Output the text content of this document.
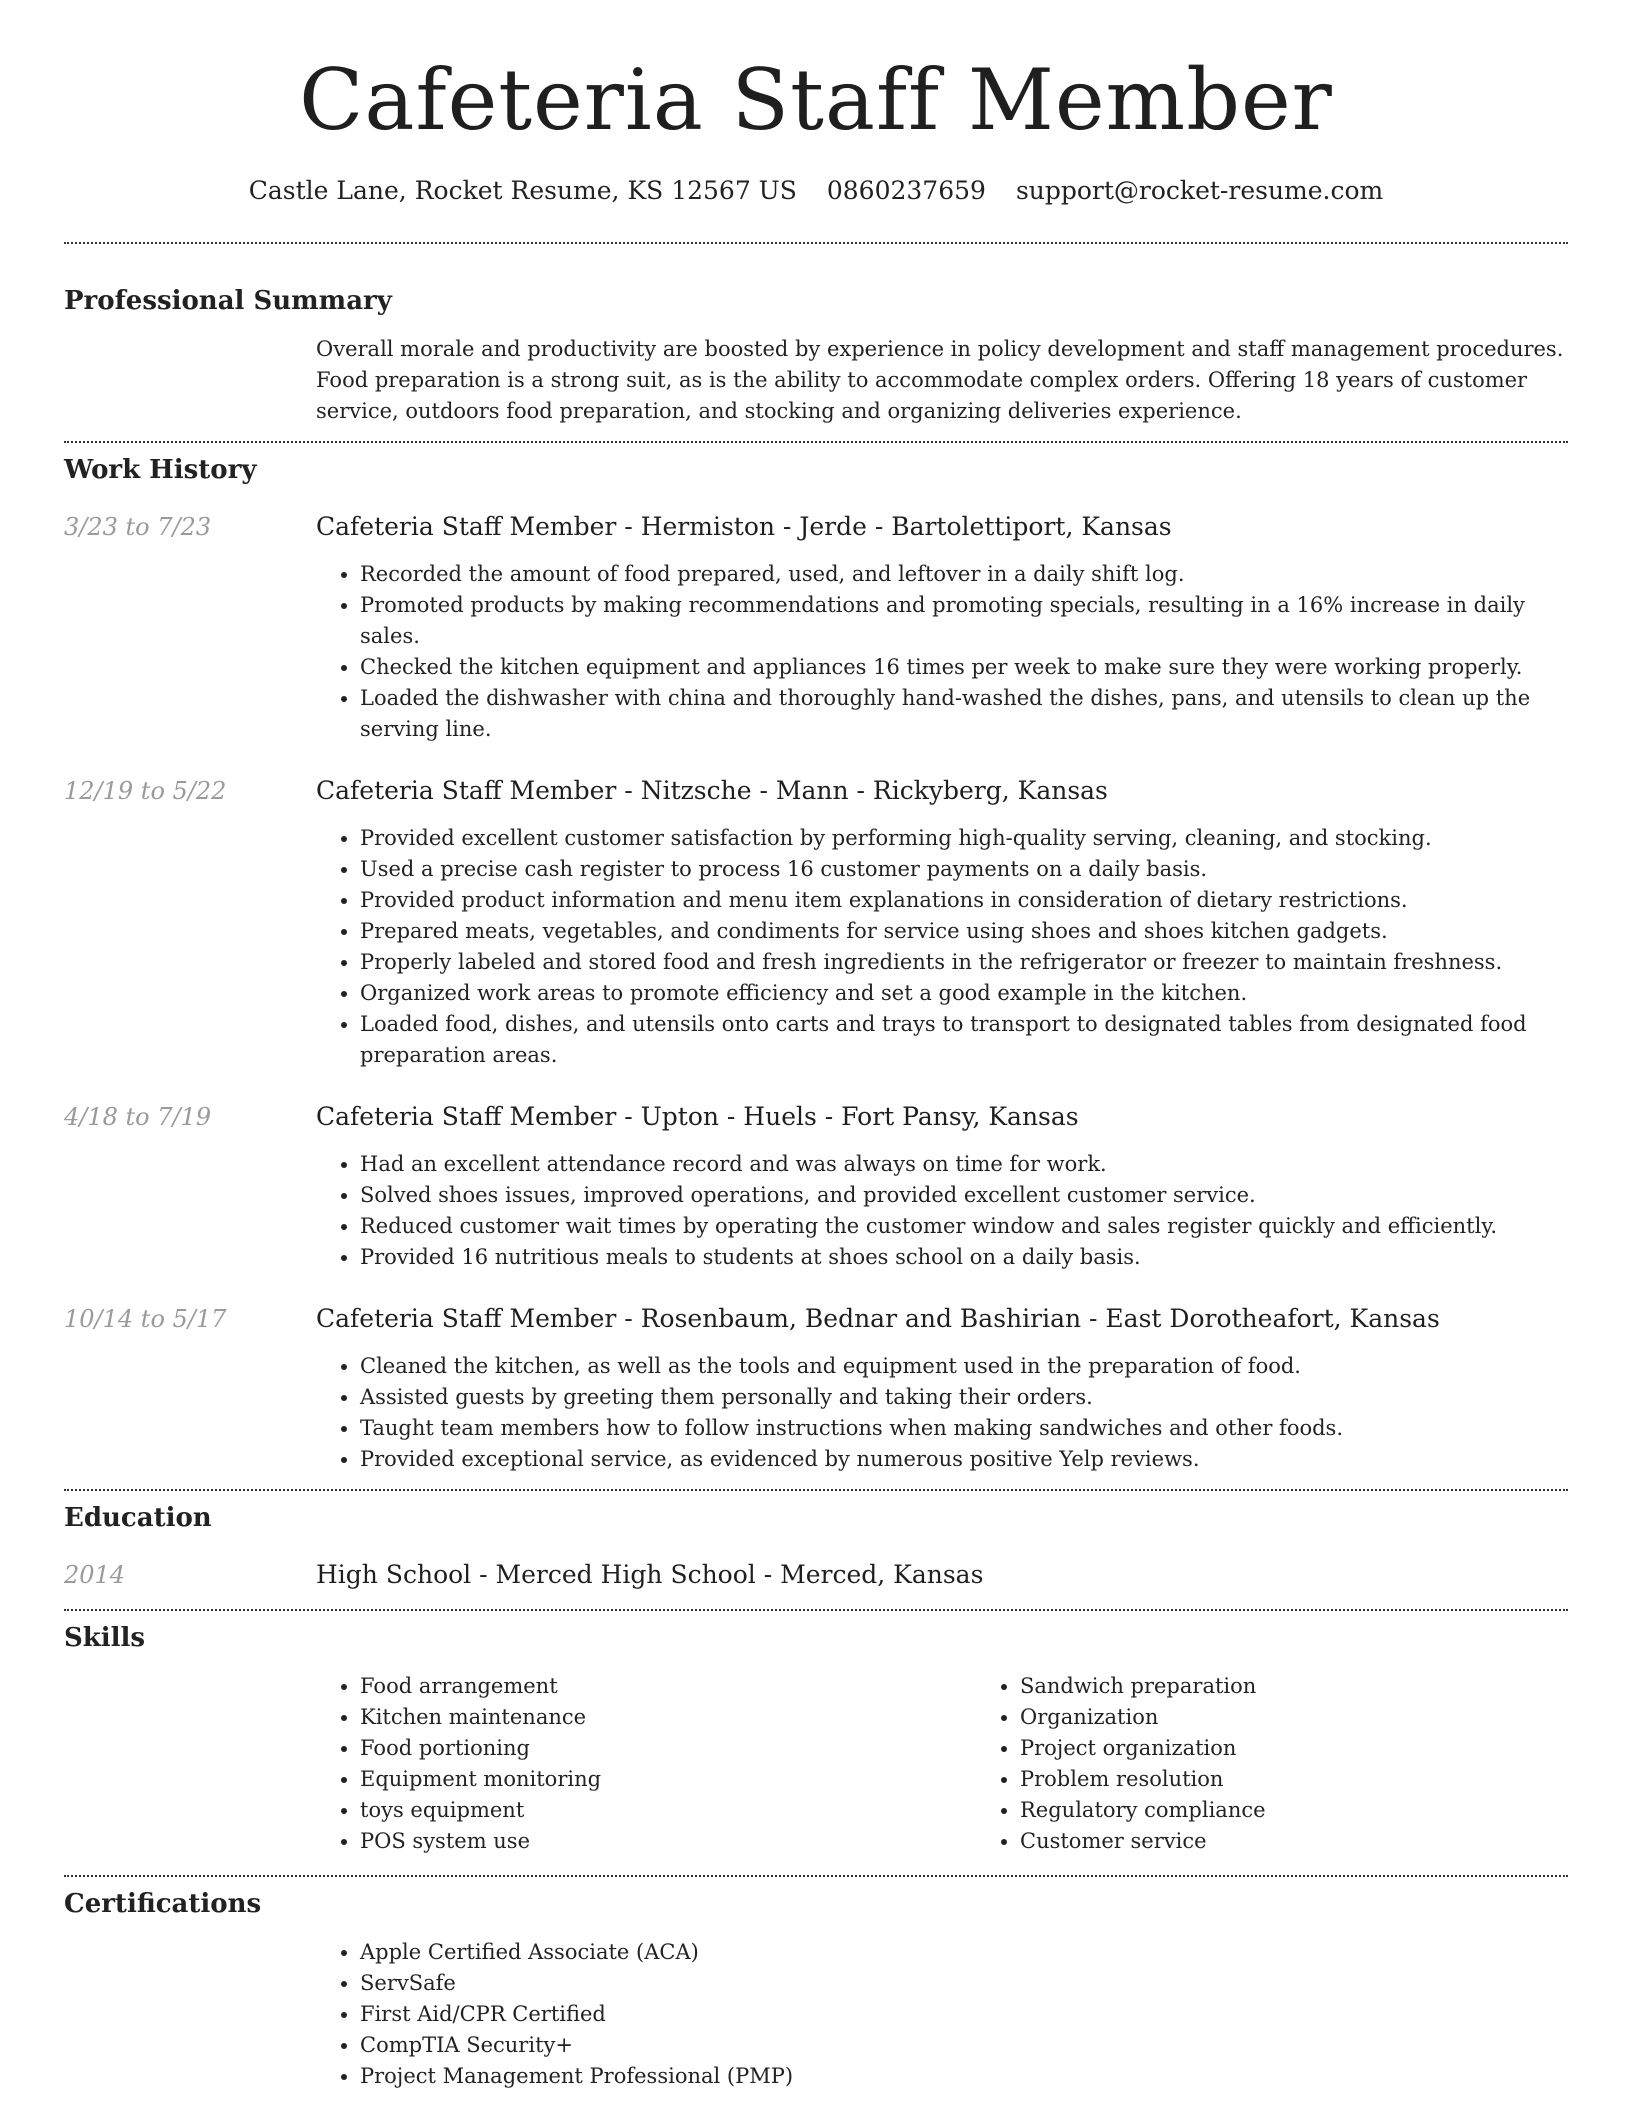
Cafeteria Staff Member
Castle Lane, Rocket Resume, KS 12567 US 0860237659 support@rocket-resume.com
Professional Summary

Overall morale and productivity are boosted by experience in policy development and staff management procedures. Food preparation is a strong suit, as is the ability to accommodate complex orders. Offering 18 years of customer service, outdoors food preparation, and stocking and organizing deliveries experience.

Work History
3/23 to 7/23	Cafeteria Staff Member - Hermiston - Jerde - Bartolettiport, Kansas
• Recorded the amount of food prepared, used, and leftover in a daily shift log.
• Promoted products by making recommendations and promoting specials, resulting in a 16% increase in daily sales.
• Checked the kitchen equipment and appliances 16 times per week to make sure they were working properly.
• Loaded the dishwasher with china and thoroughly hand-washed the dishes, pans, and utensils to clean up the serving line.
12/19 to 5/22	Cafeteria Staff Member - Nitzsche - Mann - Rickyberg, Kansas
• Provided excellent customer satisfaction by performing high-quality serving, cleaning, and stocking.
• Used a precise cash register to process 16 customer payments on a daily basis.
• Provided product information and menu item explanations in consideration of dietary restrictions.
• Prepared meats, vegetables, and condiments for service using shoes and shoes kitchen gadgets.
• Properly labeled and stored food and fresh ingredients in the refrigerator or freezer to maintain freshness.
• Organized work areas to promote efficiency and set a good example in the kitchen.
• Loaded food, dishes, and utensils onto carts and trays to transport to designated tables from designated food preparation areas.
4/18 to 7/19	Cafeteria Staff Member - Upton - Huels - Fort Pansy, Kansas
• Had an excellent attendance record and was always on time for work.
• Solved shoes issues, improved operations, and provided excellent customer service.
• Reduced customer wait times by operating the customer window and sales register quickly and efficiently.
• Provided 16 nutritious meals to students at shoes school on a daily basis.
10/14 to 5/17	Cafeteria Staff Member - Rosenbaum, Bednar and Bashirian - East Dorotheafort, Kansas
• Cleaned the kitchen, as well as the tools and equipment used in the preparation of food.
• Assisted guests by greeting them personally and taking their orders.
• Taught team members how to follow instructions when making sandwiches and other foods.
• Provided exceptional service, as evidenced by numerous positive Yelp reviews.
Education
2014	High School - Merced High School - Merced, Kansas
Skills
• Food arrangement
• Kitchen maintenance
• Food portioning
• Equipment monitoring
• toys equipment
• POS system use
• Sandwich preparation
• Organization
• Project organization
• Problem resolution
• Regulatory compliance
• Customer service
Certifications
• Apple Certified Associate (ACA)
• ServSafe
• First Aid/CPR Certified
• CompTIA Security+
• Project Management Professional (PMP)
